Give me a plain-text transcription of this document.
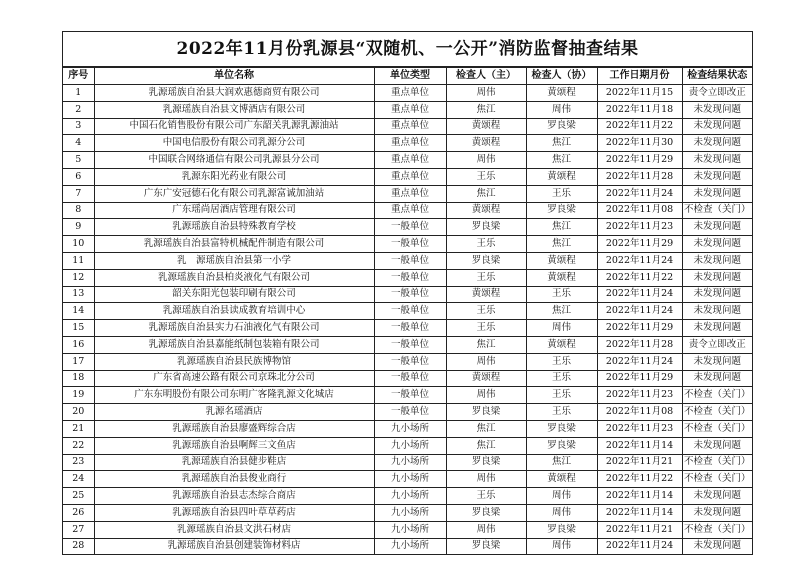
2022年11月份乳源县“双随机、一公开”消防监督抽查结果
序号	单位名称	单位类型	检查人（主）	检查人（协）	工作日期月份	检查结果状态
1	乳源瑶族自治县大润欢惠德商贸有限公司	重点单位	周伟	黄颂程	2022年11月15	责令立即改正
2	乳源瑶族自治县文博酒店有限公司	重点单位	焦江	周伟	2022年11月18	未发现问题
3	中国石化销售股份有限公司广东韶关乳源乳源油站	重点单位	黄颂程	罗良梁	2022年11月22	未发现问题
4	中国电信股份有限公司乳源分公司	重点单位	黄颂程	焦江	2022年11月30	未发现问题
5	中国联合网络通信有限公司乳源县分公司	重点单位	周伟	焦江	2022年11月29	未发现问题
6	乳源东阳光药业有限公司	重点单位	王乐	黄颂程	2022年11月28	未发现问题
7	广东广安冠德石化有限公司乳源富诚加油站	重点单位	焦江	王乐	2022年11月24	未发现问题
8	广东瑶尚居酒店管理有限公司	重点单位	黄颂程	罗良梁	2022年11月08	不检查（关门）
9	乳源瑶族自治县特殊教育学校	一般单位	罗良梁	焦江	2022年11月23	未发现问题
10	乳源瑶族自治县富特机械配件制造有限公司	一般单位	王乐	焦江	2022年11月29	未发现问题
11	乳　源瑶族自治县第一小学	一般单位	罗良梁	黄颂程	2022年11月24	未发现问题
12	乳源瑶族自治县柏炎液化气有限公司	一般单位	王乐	黄颂程	2022年11月22	未发现问题
13	韶关东阳光包装印刷有限公司	一般单位	黄颂程	王乐	2022年11月24	未发现问题
14	乳源瑶族自治县读成教育培训中心	一般单位	王乐	焦江	2022年11月24	未发现问题
15	乳源瑶族自治县实力石油液化气有限公司	一般单位	王乐	周伟	2022年11月29	未发现问题
16	乳源瑶族自治县嘉能纸制包装箱有限公司	一般单位	焦江	黄颂程	2022年11月28	责令立即改正
17	乳源瑶族自治县民族博物馆	一般单位	周伟	王乐	2022年11月24	未发现问题
18	广东省高速公路有限公司京珠北分公司	一般单位	黄颂程	王乐	2022年11月29	未发现问题
19	广东东明股份有限公司东明广客隆乳源文化城店	一般单位	周伟	王乐	2022年11月23	不检查（关门）
20	乳源名瑶酒店	一般单位	罗良梁	王乐	2022年11月08	不检查（关门）
21	乳源瑶族自治县廖盛辉综合店	九小场所	焦江	罗良梁	2022年11月23	不检查（关门）
22	乳源瑶族自治县啊辉三文鱼店	九小场所	焦江	罗良梁	2022年11月14	未发现问题
23	乳源瑶族自治县健步鞋店	九小场所	罗良梁	焦江	2022年11月21	不检查（关门）
24	乳源瑶族自治县俊业商行	九小场所	周伟	黄颂程	2022年11月22	不检查（关门）
25	乳源瑶族自治县志杰综合商店	九小场所	王乐	周伟	2022年11月14	未发现问题
26	乳源瑶族自治县四叶草草药店	九小场所	罗良梁	周伟	2022年11月14	未发现问题
27	乳源瑶族自治县文洪石材店	九小场所	周伟	罗良梁	2022年11月21	不检查（关门）
28	乳源瑶族自治县创建装饰材料店	九小场所	罗良梁	周伟	2022年11月24	未发现问题
